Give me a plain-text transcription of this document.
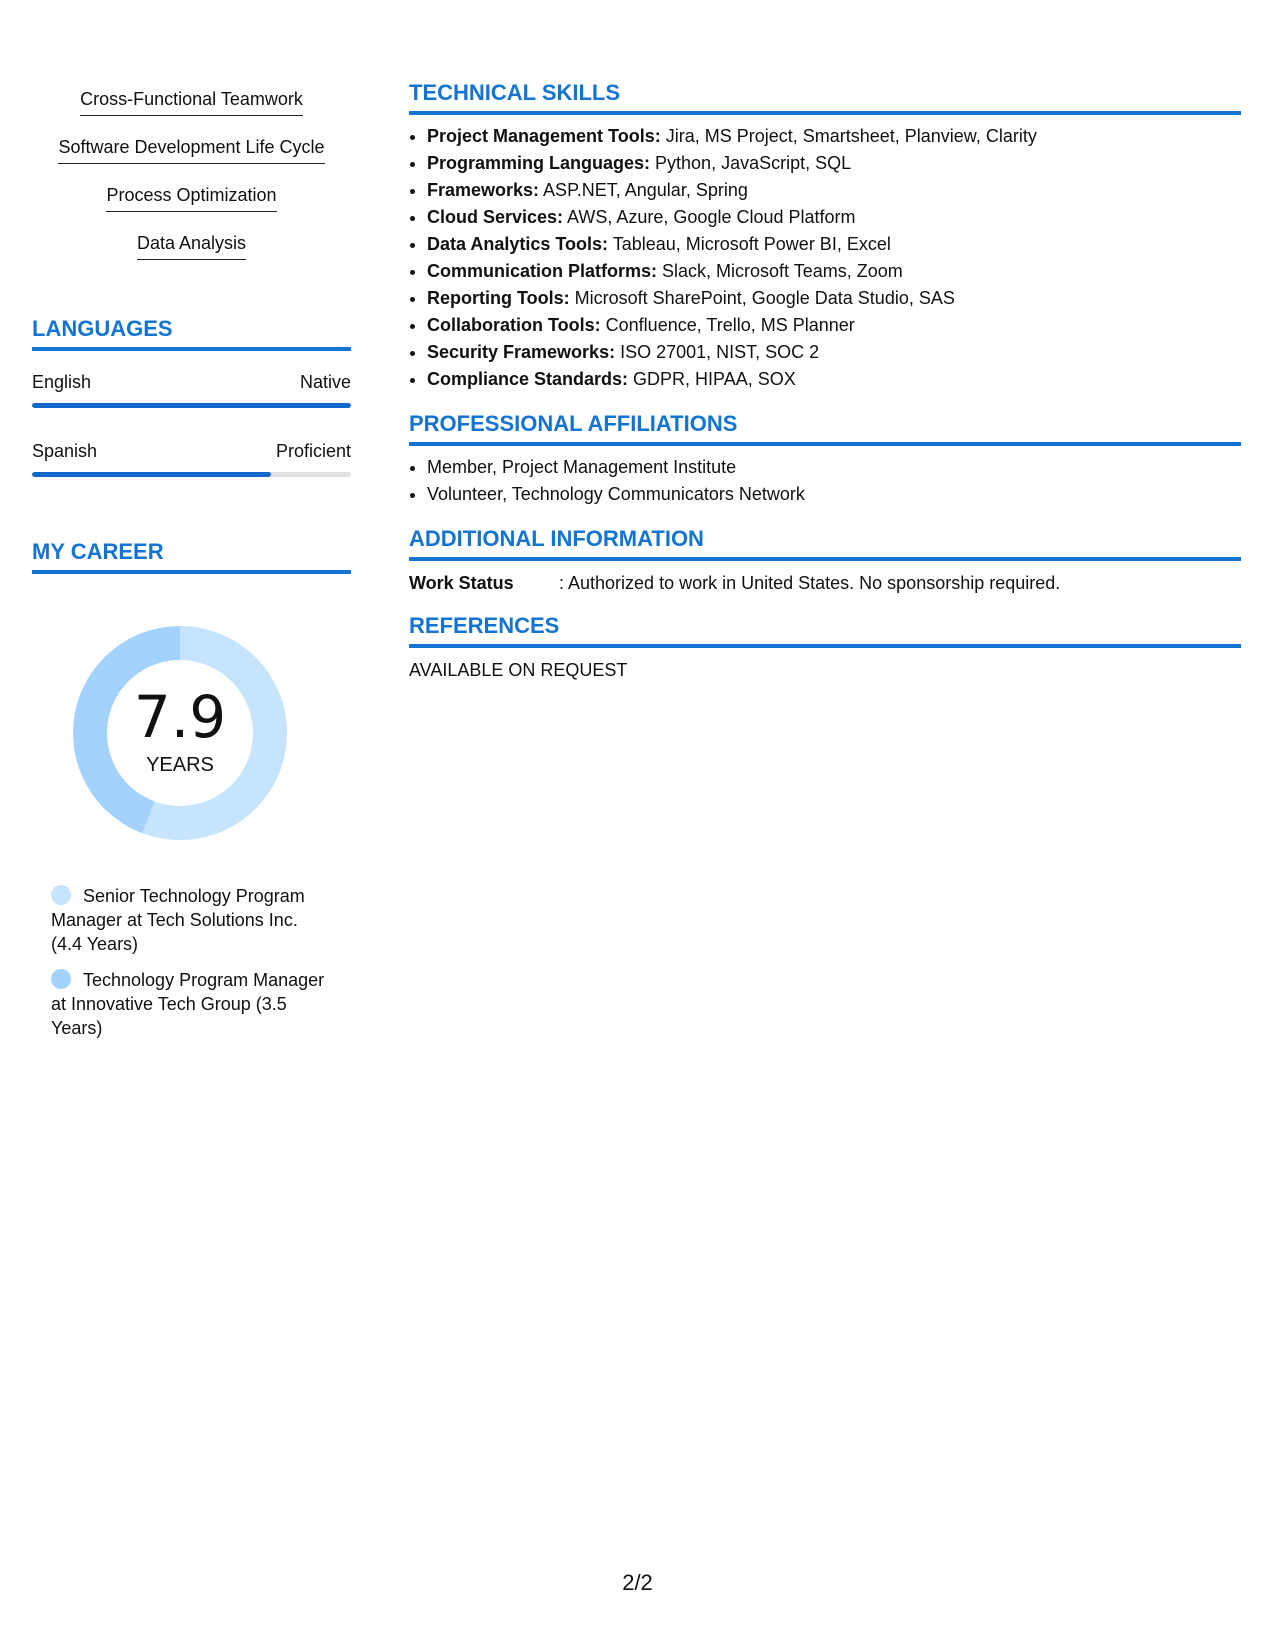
Cross-Functional Teamwork
Software Development Life Cycle
Process Optimization
Data Analysis
LANGUAGES
English	Native
Spanish	Proficient
MY CAREER
7.9
YEARS
Senior Technology Program Manager at Tech Solutions Inc. (4.4 Years)
Technology Program Manager at Innovative Tech Group (3.5 Years)
TECHNICAL SKILLS
• Project Management Tools: Jira, MS Project, Smartsheet, Planview, Clarity
• Programming Languages: Python, JavaScript, SQL
• Frameworks: ASP.NET, Angular, Spring
• Cloud Services: AWS, Azure, Google Cloud Platform
• Data Analytics Tools: Tableau, Microsoft Power BI, Excel
• Communication Platforms: Slack, Microsoft Teams, Zoom
• Reporting Tools: Microsoft SharePoint, Google Data Studio, SAS
• Collaboration Tools: Confluence, Trello, MS Planner
• Security Frameworks: ISO 27001, NIST, SOC 2
• Compliance Standards: GDPR, HIPAA, SOX
PROFESSIONAL AFFILIATIONS
• Member, Project Management Institute
• Volunteer, Technology Communicators Network
ADDITIONAL INFORMATION
Work Status	: Authorized to work in United States. No sponsorship required.
REFERENCES
AVAILABLE ON REQUEST
2/2
